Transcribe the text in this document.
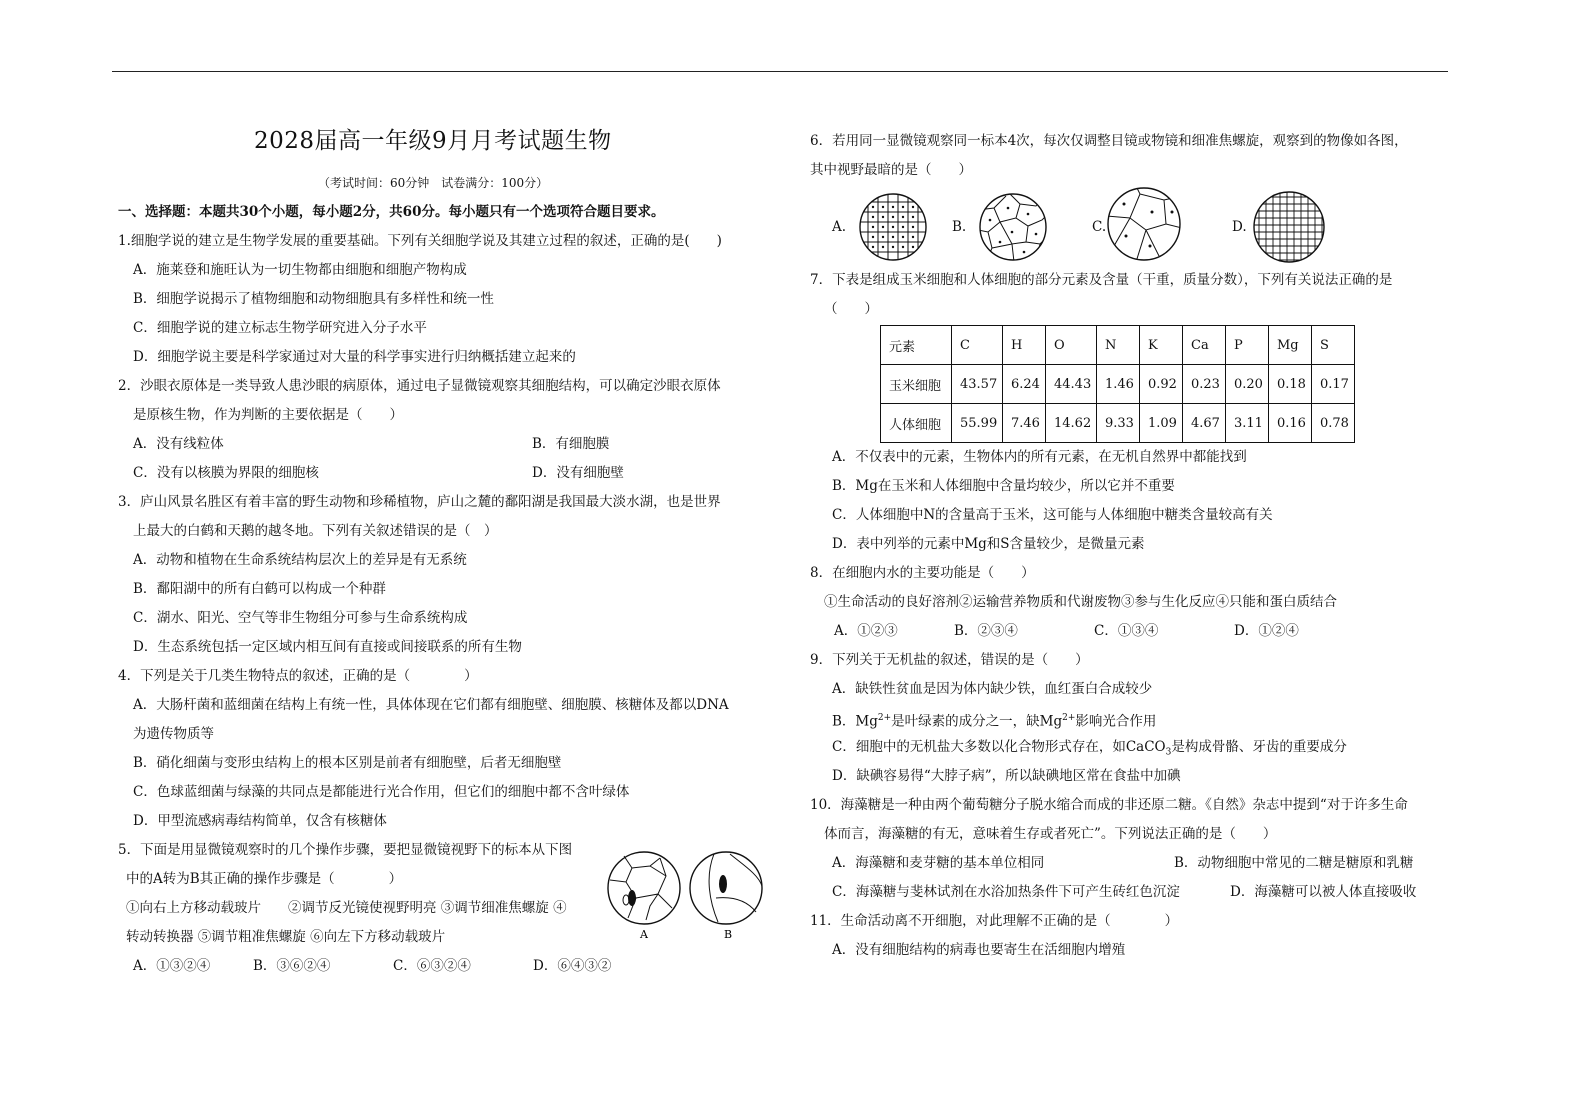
2028届高一年级9月月考试题生物
（考试时间：60分钟　试卷满分：100分）
一、选择题：本题共30个小题，每小题2分，共60分。每小题只有一个选项符合题目要求。
1.细胞学说的建立是生物学发展的重要基础。下列有关细胞学说及其建立过程的叙述，正确的是(　　)
A．施莱登和施旺认为一切生物都由细胞和细胞产物构成
B．细胞学说揭示了植物细胞和动物细胞具有多样性和统一性
C．细胞学说的建立标志生物学研究进入分子水平
D．细胞学说主要是科学家通过对大量的科学事实进行归纳概括建立起来的
2．沙眼衣原体是一类导致人患沙眼的病原体，通过电子显微镜观察其细胞结构，可以确定沙眼衣原体
是原核生物，作为判断的主要依据是（　　）
A．没有线粒体	B．有细胞膜
C．没有以核膜为界限的细胞核	D．没有细胞壁
3．庐山风景名胜区有着丰富的野生动物和珍稀植物，庐山之麓的鄱阳湖是我国最大淡水湖，也是世界
上最大的白鹤和天鹅的越冬地。下列有关叙述错误的是（　）
A．动物和植物在生命系统结构层次上的差异是有无系统
B．鄱阳湖中的所有白鹤可以构成一个种群
C．湖水、阳光、空气等非生物组分可参与生命系统构成
D．生态系统包括一定区域内相互间有直接或间接联系的所有生物
4．下列是关于几类生物特点的叙述，正确的是（　　　　）
A．大肠杆菌和蓝细菌在结构上有统一性，具体体现在它们都有细胞壁、细胞膜、核糖体及都以DNA
为遗传物质等
B．硝化细菌与变形虫结构上的根本区别是前者有细胞壁，后者无细胞壁
C．色球蓝细菌与绿藻的共同点是都能进行光合作用，但它们的细胞中都不含叶绿体
D．甲型流感病毒结构简单，仅含有核糖体
5．下面是用显微镜观察时的几个操作步骤，要把显微镜视野下的标本从下图
中的A转为B其正确的操作步骤是（　　　　）
①向右上方移动载玻片　　②调节反光镜使视野明亮 ③调节细准焦螺旋 ④
转动转换器 ⑤调节粗准焦螺旋 ⑥向左下方移动载玻片
A．①③②④	B．③⑥②④	C．⑥③②④	D．⑥④③②
A	B
6．若用同一显微镜观察同一标本4次，每次仅调整目镜或物镜和细准焦螺旋，观察到的物像如各图，
其中视野最暗的是（　　）
A.	B.	C.	D.
7．下表是组成玉米细胞和人体细胞的部分元素及含量（干重，质量分数），下列有关说法正确的是
（　　）
元素	C	H	O	N	K	Ca	P	Mg	S
玉米细胞	43.57	6.24	44.43	1.46	0.92	0.23	0.20	0.18	0.17
人体细胞	55.99	7.46	14.62	9.33	1.09	4.67	3.11	0.16	0.78
A．不仅表中的元素，生物体内的所有元素，在无机自然界中都能找到
B．Mg在玉米和人体细胞中含量均较少，所以它并不重要
C．人体细胞中N的含量高于玉米，这可能与人体细胞中糖类含量较高有关
D．表中列举的元素中Mg和S含量较少，是微量元素
8．在细胞内水的主要功能是（　　）
①生命活动的良好溶剂②运输营养物质和代谢废物③参与生化反应④只能和蛋白质结合
A．①②③	B．②③④	C．①③④	D．①②④
9．下列关于无机盐的叙述，错误的是（　　）
A．缺铁性贫血是因为体内缺少铁，血红蛋白合成较少
B．$Mg^{2+}$是叶绿素的成分之一，缺$Mg^{2+}$影响光合作用
C．细胞中的无机盐大多数以化合物形式存在，如CaCO$_3$是构成骨骼、牙齿的重要成分
D．缺碘容易得“大脖子病”，所以缺碘地区常在食盐中加碘
10．海藻糖是一种由两个葡萄糖分子脱水缩合而成的非还原二糖。《自然》杂志中提到“对于许多生命
体而言，海藻糖的有无，意味着生存或者死亡”。下列说法正确的是（　　）
A．海藻糖和麦芽糖的基本单位相同	B．动物细胞中常见的二糖是糖原和乳糖
C．海藻糖与斐林试剂在水浴加热条件下可产生砖红色沉淀	D．海藻糖可以被人体直接吸收
11．生命活动离不开细胞，对此理解不正确的是（　　　　）
A．没有细胞结构的病毒也要寄生在活细胞内增殖
